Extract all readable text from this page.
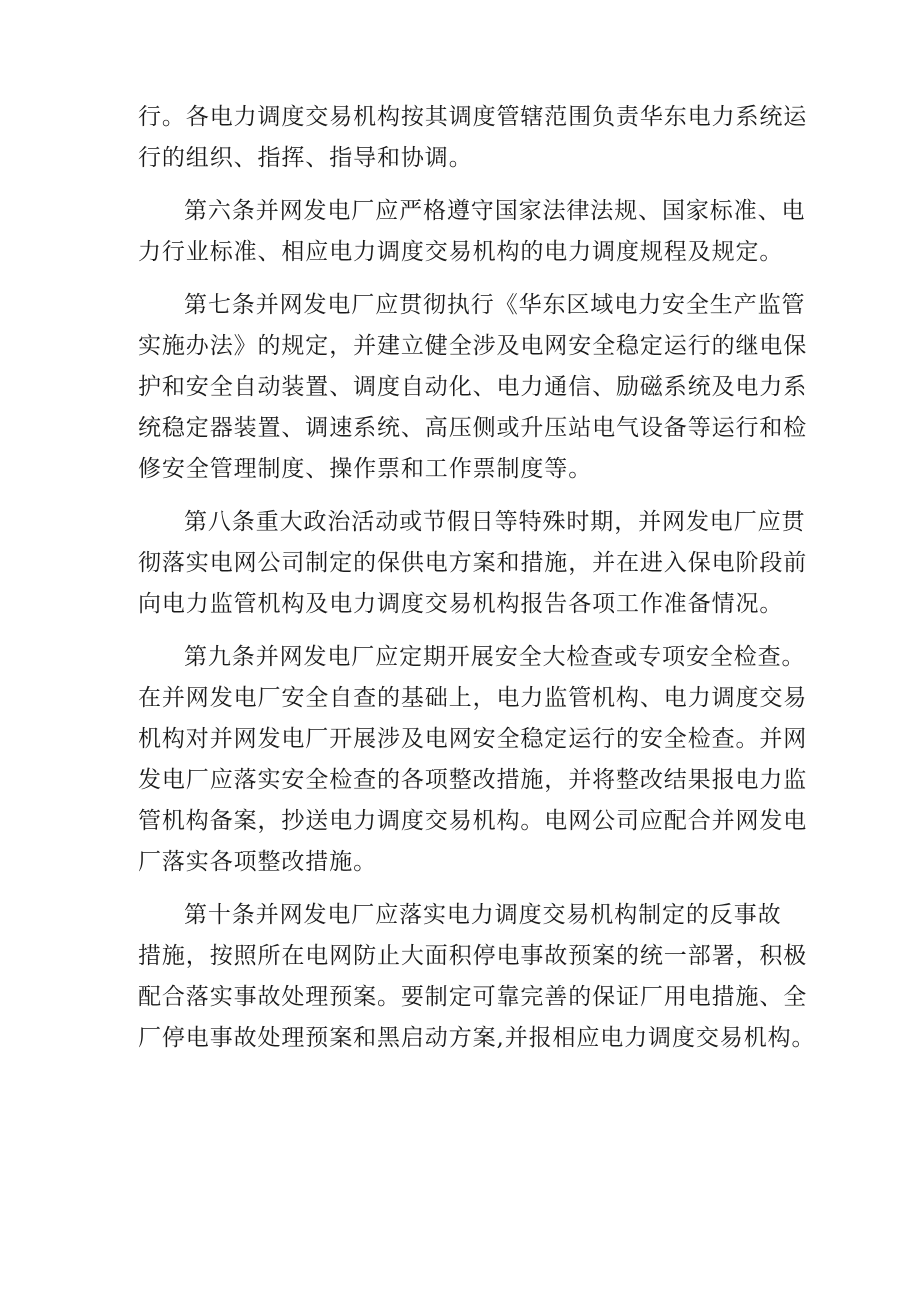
行。各电力调度交易机构按其调度管辖范围负责华东电力系统运
行的组织、指挥、指导和协调。
第六条并网发电厂应严格遵守国家法律法规、国家标准、电
力行业标准、相应电力调度交易机构的电力调度规程及规定。
第七条并网发电厂应贯彻执行《华东区域电力安全生产监管
实施办法》的规定，并建立健全涉及电网安全稳定运行的继电保
护和安全自动装置、调度自动化、电力通信、励磁系统及电力系
统稳定器装置、调速系统、高压侧或升压站电气设备等运行和检
修安全管理制度、操作票和工作票制度等。
第八条重大政治活动或节假日等特殊时期，并网发电厂应贯
彻落实电网公司制定的保供电方案和措施，并在进入保电阶段前
向电力监管机构及电力调度交易机构报告各项工作准备情况。
第九条并网发电厂应定期开展安全大检查或专项安全检查。
在并网发电厂安全自查的基础上，电力监管机构、电力调度交易
机构对并网发电厂开展涉及电网安全稳定运行的安全检查。并网
发电厂应落实安全检查的各项整改措施，并将整改结果报电力监
管机构备案，抄送电力调度交易机构。电网公司应配合并网发电
厂落实各项整改措施。
第十条并网发电厂应落实电力调度交易机构制定的反事故
措施，按照所在电网防止大面积停电事故预案的统一部署，积极
配合落实事故处理预案。要制定可靠完善的保证厂用电措施、全
厂停电事故处理预案和黑启动方案,并报相应电力调度交易机构。
